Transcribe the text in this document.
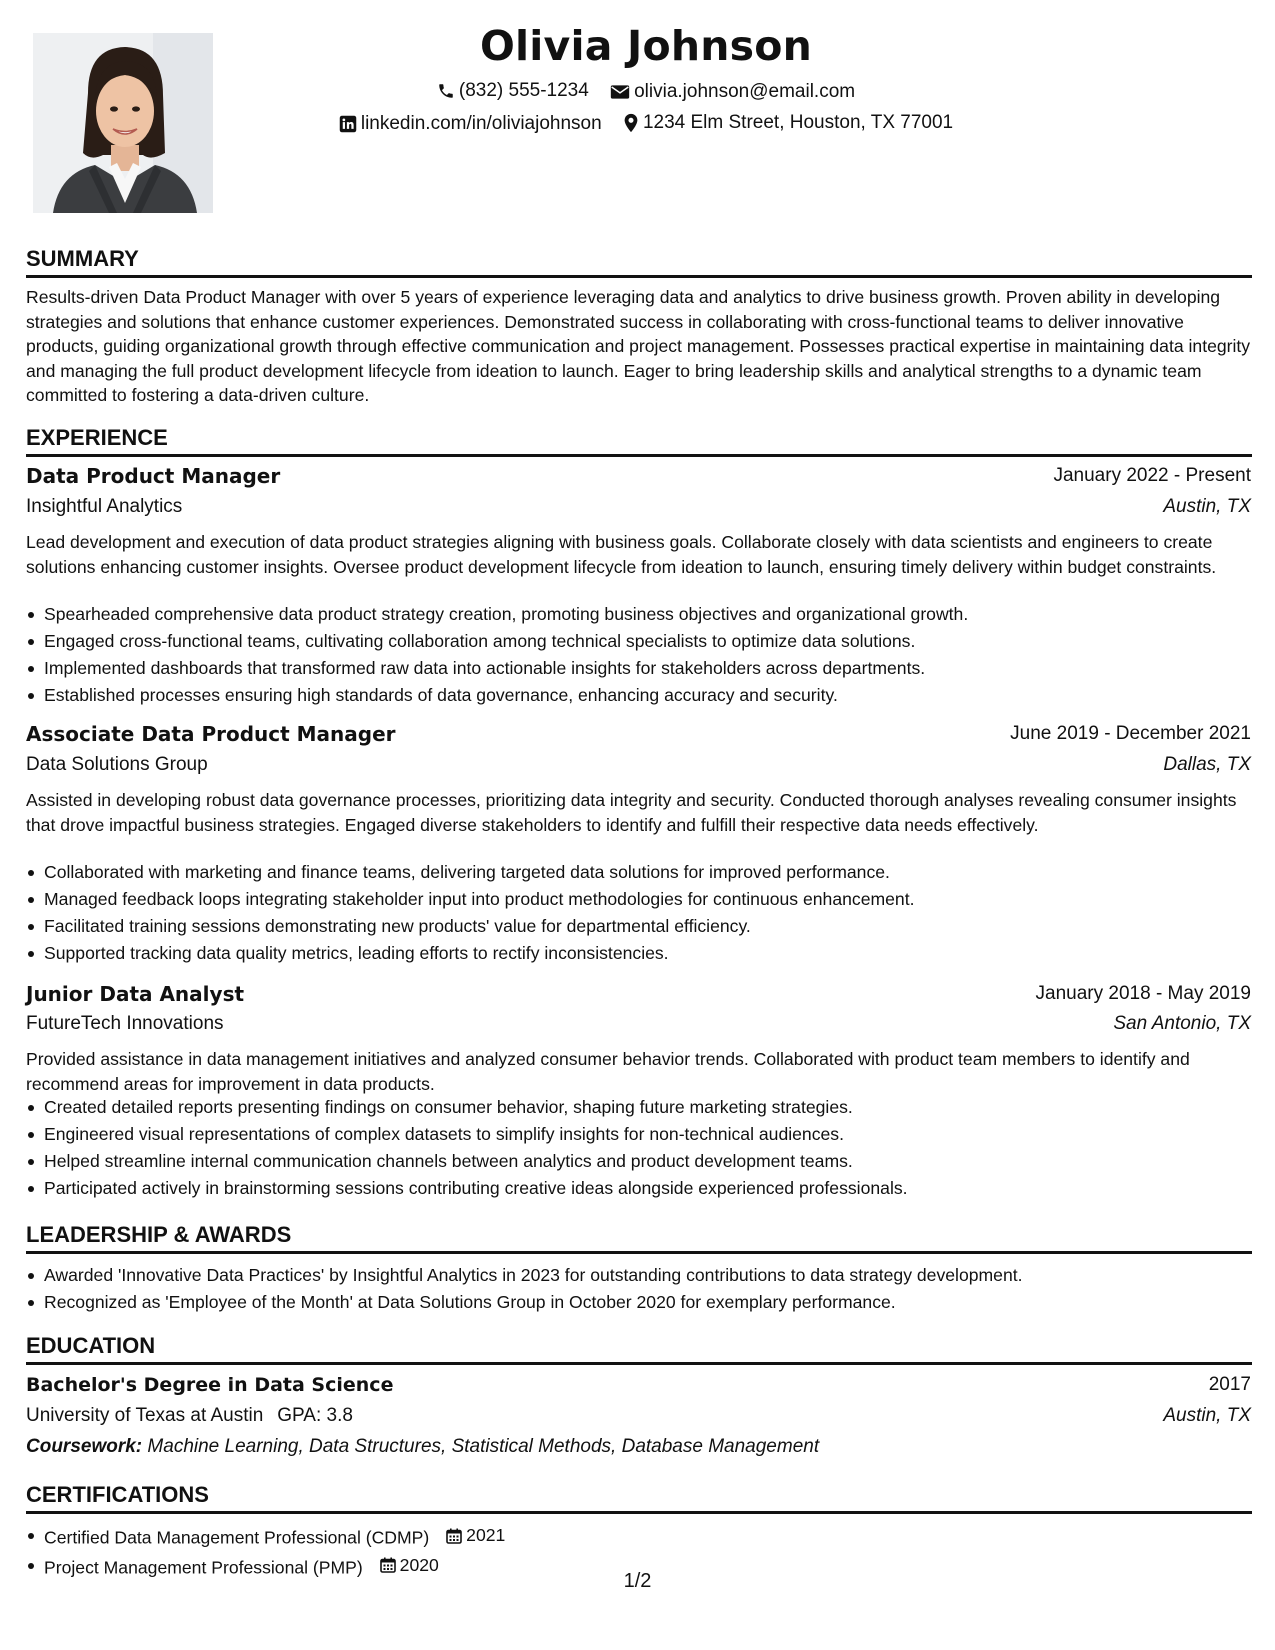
Olivia Johnson
(832) 555-1234
olivia.johnson@email.com
linkedin.com/in/oliviajohnson
1234 Elm Street, Houston, TX 77001
SUMMARY
Results-driven Data Product Manager with over 5 years of experience leveraging data and analytics to drive business growth. Proven ability in developing strategies and solutions that enhance customer experiences. Demonstrated success in collaborating with cross-functional teams to deliver innovative products, guiding organizational growth through effective communication and project management. Possesses practical expertise in maintaining data integrity and managing the full product development lifecycle from ideation to launch. Eager to bring leadership skills and analytical strengths to a dynamic team committed to fostering a data-driven culture.
EXPERIENCE
Data Product Manager	January 2022 - Present
Insightful Analytics	Austin, TX
Lead development and execution of data product strategies aligning with business goals. Collaborate closely with data scientists and engineers to create solutions enhancing customer insights. Oversee product development lifecycle from ideation to launch, ensuring timely delivery within budget constraints.
Spearheaded comprehensive data product strategy creation, promoting business objectives and organizational growth.
Engaged cross-functional teams, cultivating collaboration among technical specialists to optimize data solutions.
Implemented dashboards that transformed raw data into actionable insights for stakeholders across departments.
Established processes ensuring high standards of data governance, enhancing accuracy and security.
Associate Data Product Manager	June 2019 - December 2021
Data Solutions Group	Dallas, TX
Assisted in developing robust data governance processes, prioritizing data integrity and security. Conducted thorough analyses revealing consumer insights that drove impactful business strategies. Engaged diverse stakeholders to identify and fulfill their respective data needs effectively.
Collaborated with marketing and finance teams, delivering targeted data solutions for improved performance.
Managed feedback loops integrating stakeholder input into product methodologies for continuous enhancement.
Facilitated training sessions demonstrating new products' value for departmental efficiency.
Supported tracking data quality metrics, leading efforts to rectify inconsistencies.
Junior Data Analyst	January 2018 - May 2019
FutureTech Innovations	San Antonio, TX
Provided assistance in data management initiatives and analyzed consumer behavior trends. Collaborated with product team members to identify and recommend areas for improvement in data products.
Created detailed reports presenting findings on consumer behavior, shaping future marketing strategies.
Engineered visual representations of complex datasets to simplify insights for non-technical audiences.
Helped streamline internal communication channels between analytics and product development teams.
Participated actively in brainstorming sessions contributing creative ideas alongside experienced professionals.
LEADERSHIP & AWARDS
Awarded 'Innovative Data Practices' by Insightful Analytics in 2023 for outstanding contributions to data strategy development.
Recognized as 'Employee of the Month' at Data Solutions Group in October 2020 for exemplary performance.
EDUCATION
Bachelor's Degree in Data Science	2017
University of Texas at Austin GPA: 3.8	Austin, TX
Coursework: Machine Learning, Data Structures, Statistical Methods, Database Management
CERTIFICATIONS
Certified Data Management Professional (CDMP) 2021
Project Management Professional (PMP) 2020
1/2
